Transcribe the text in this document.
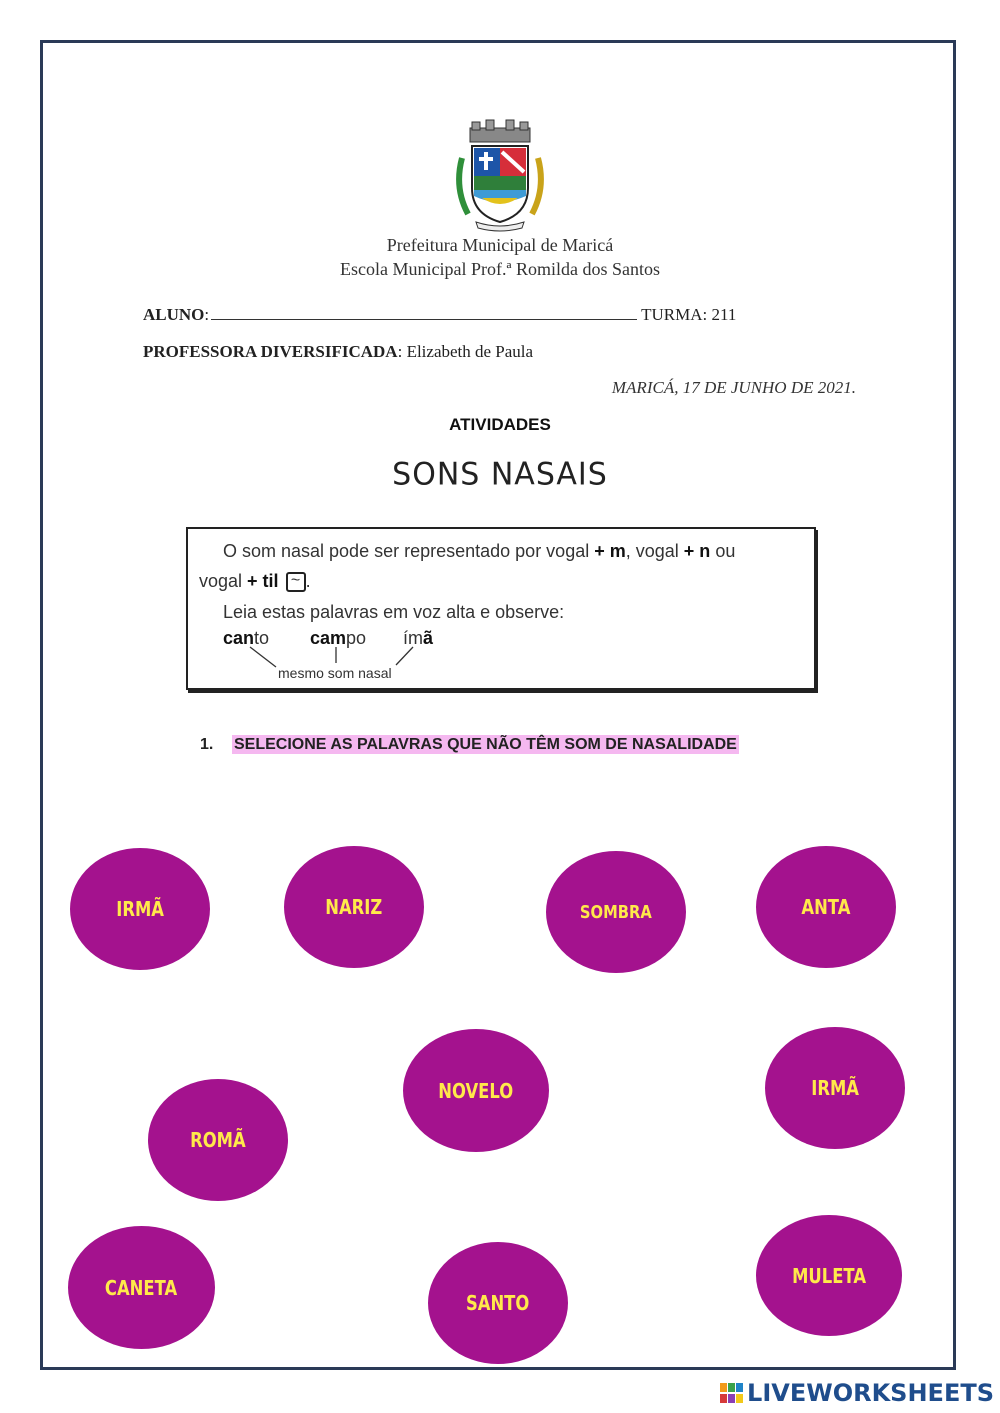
Prefeitura Municipal de Maricá
Escola Municipal Prof.ª Romilda dos Santos
ALUNO:	TURMA: 211
PROFESSORA DIVERSIFICADA: Elizabeth de Paula
MARICÁ, 17 DE JUNHO DE 2021.
ATIVIDADES
SONS NASAIS
O som nasal pode ser representado por vogal + m, vogal + n ou
vogal + til ~ .
Leia estas palavras em voz alta e observe:
canto campo ímã
mesmo som nasal
1. SELECIONE AS PALAVRAS QUE NÃO TÊM SOM DE NASALIDADE
IRMÃ	NARIZ	SOMBRA	ANTA
NOVELO	IRMÃ
ROMÃ
CANETA
SANTO
MULETA
LIVEWORKSHEETS
